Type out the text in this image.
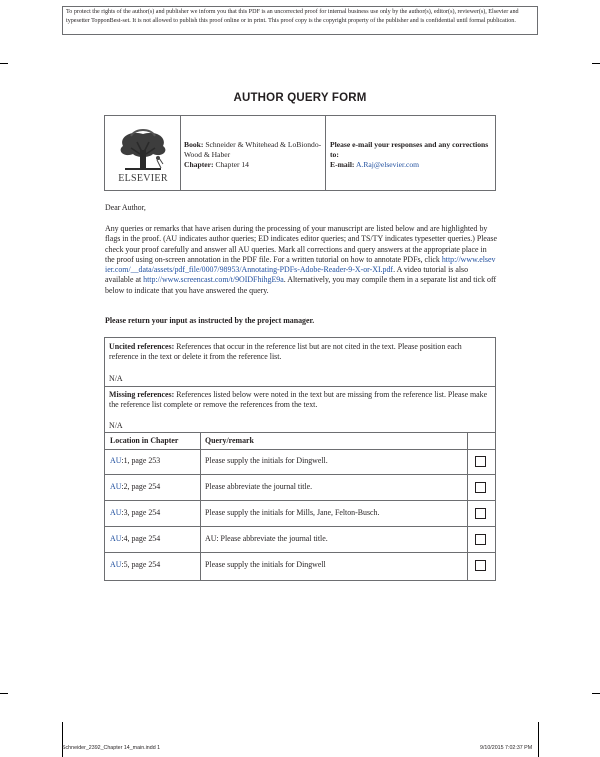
To protect the rights of the author(s) and publisher we inform you that this PDF is an uncorrected proof for internal business use only by the author(s), editor(s), reviewer(s), Elsevier and typesetter TopponBest-set. It is not allowed to publish this proof online or in print. This proof copy is the copyright property of the publisher and is confidential until formal publication.
AUTHOR QUERY FORM
ELSEVIER
Book: Schneider & Whitehead & LoBiondo-Wood & Haber
Chapter: Chapter 14
Please e-mail your responses and any corrections to:
E-mail: A.Raj@elsevier.com
Dear Author,
Any queries or remarks that have arisen during the processing of your manuscript are listed below and are highlighted by flags in the proof. (AU indicates author queries; ED indicates editor queries; and TS/TY indicates typesetter queries.) Please check your proof carefully and answer all AU queries. Mark all corrections and query answers at the appropriate place in the proof using on-screen annotation in the PDF file. For a written tutorial on how to annotate PDFs, click http://www.elsevier.com/__data/assets/pdf_file/0007/98953/Annotating-PDFs-Adobe-Reader-9-X-or-XI.pdf. A video tutorial is also available at http://www.screencast.com/t/9OIDFhihgE9a. Alternatively, you may compile them in a separate list and tick off below to indicate that you have answered the query.
Please return your input as instructed by the project manager.
Uncited references: References that occur in the reference list but are not cited in the text. Please position each reference in the text or delete it from the reference list.
N/A
Missing references: References listed below were noted in the text but are missing from the reference list. Please make the reference list complete or remove the references from the text.
N/A
Location in Chapter	Query/remark
AU:1, page 253	Please supply the initials for Dingwell.
AU:2, page 254	Please abbreviate the journal title.
AU:3, page 254	Please supply the initials for Mills, Jane, Felton-Busch.
AU:4, page 254	AU: Please abbreviate the journal title.
AU:5, page 254	Please supply the initials for Dingwell
Schneider_2392_Chapter 14_main.indd 1	9/10/2015 7:02:37 PM
